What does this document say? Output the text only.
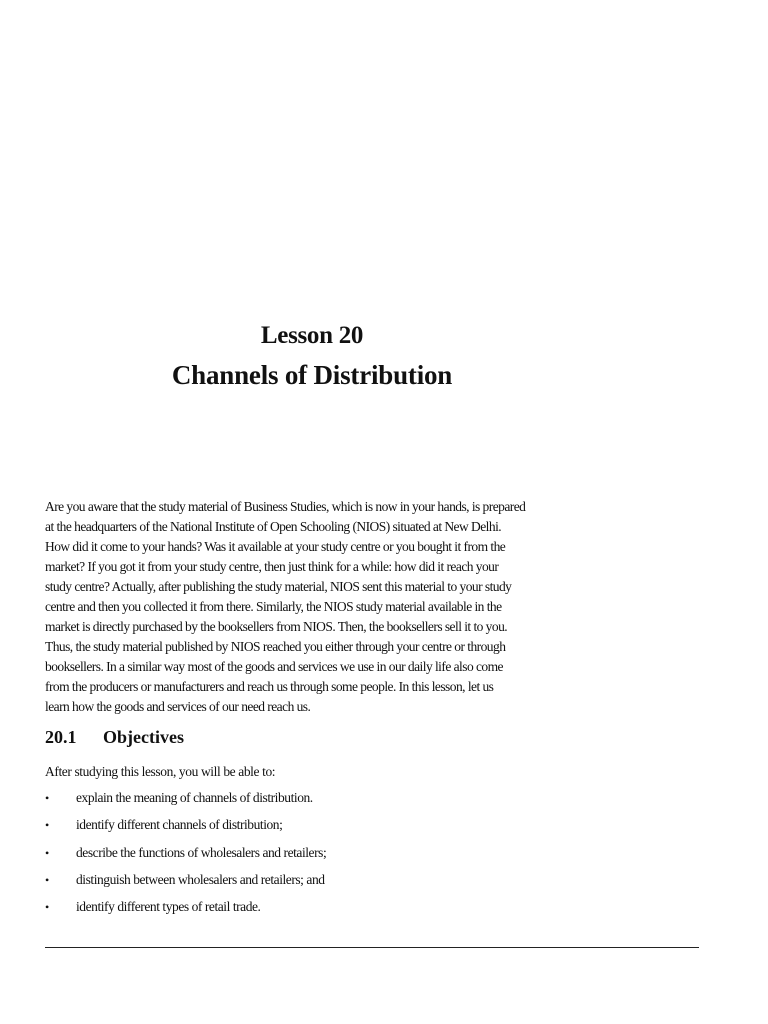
Lesson 20
Channels of Distribution
Are you aware that the study material of Business Studies, which is now in your hands, is prepared
at the headquarters of the National Institute of Open Schooling (NIOS) situated at New Delhi.
How did it come to your hands? Was it available at your study centre or you bought it from the
market? If you got it from your study centre, then just think for a while: how did it reach your
study centre? Actually, after publishing the study material, NIOS sent this material to your study
centre and then you collected it from there. Similarly, the NIOS study material available in the
market is directly purchased by the booksellers from NIOS. Then, the booksellers sell it to you.
Thus, the study material published by NIOS reached you either through your centre or through
booksellers. In a similar way most of the goods and services we use in our daily life also come
from the producers or manufacturers and reach us through some people. In this lesson, let us
learn how the goods and services of our need reach us.
20.1 Objectives
After studying this lesson, you will be able to:
•	explain the meaning of channels of distribution.
•	identify different channels of distribution;
•	describe the functions of wholesalers and retailers;
•	distinguish between wholesalers and retailers; and
•	identify different types of retail trade.
